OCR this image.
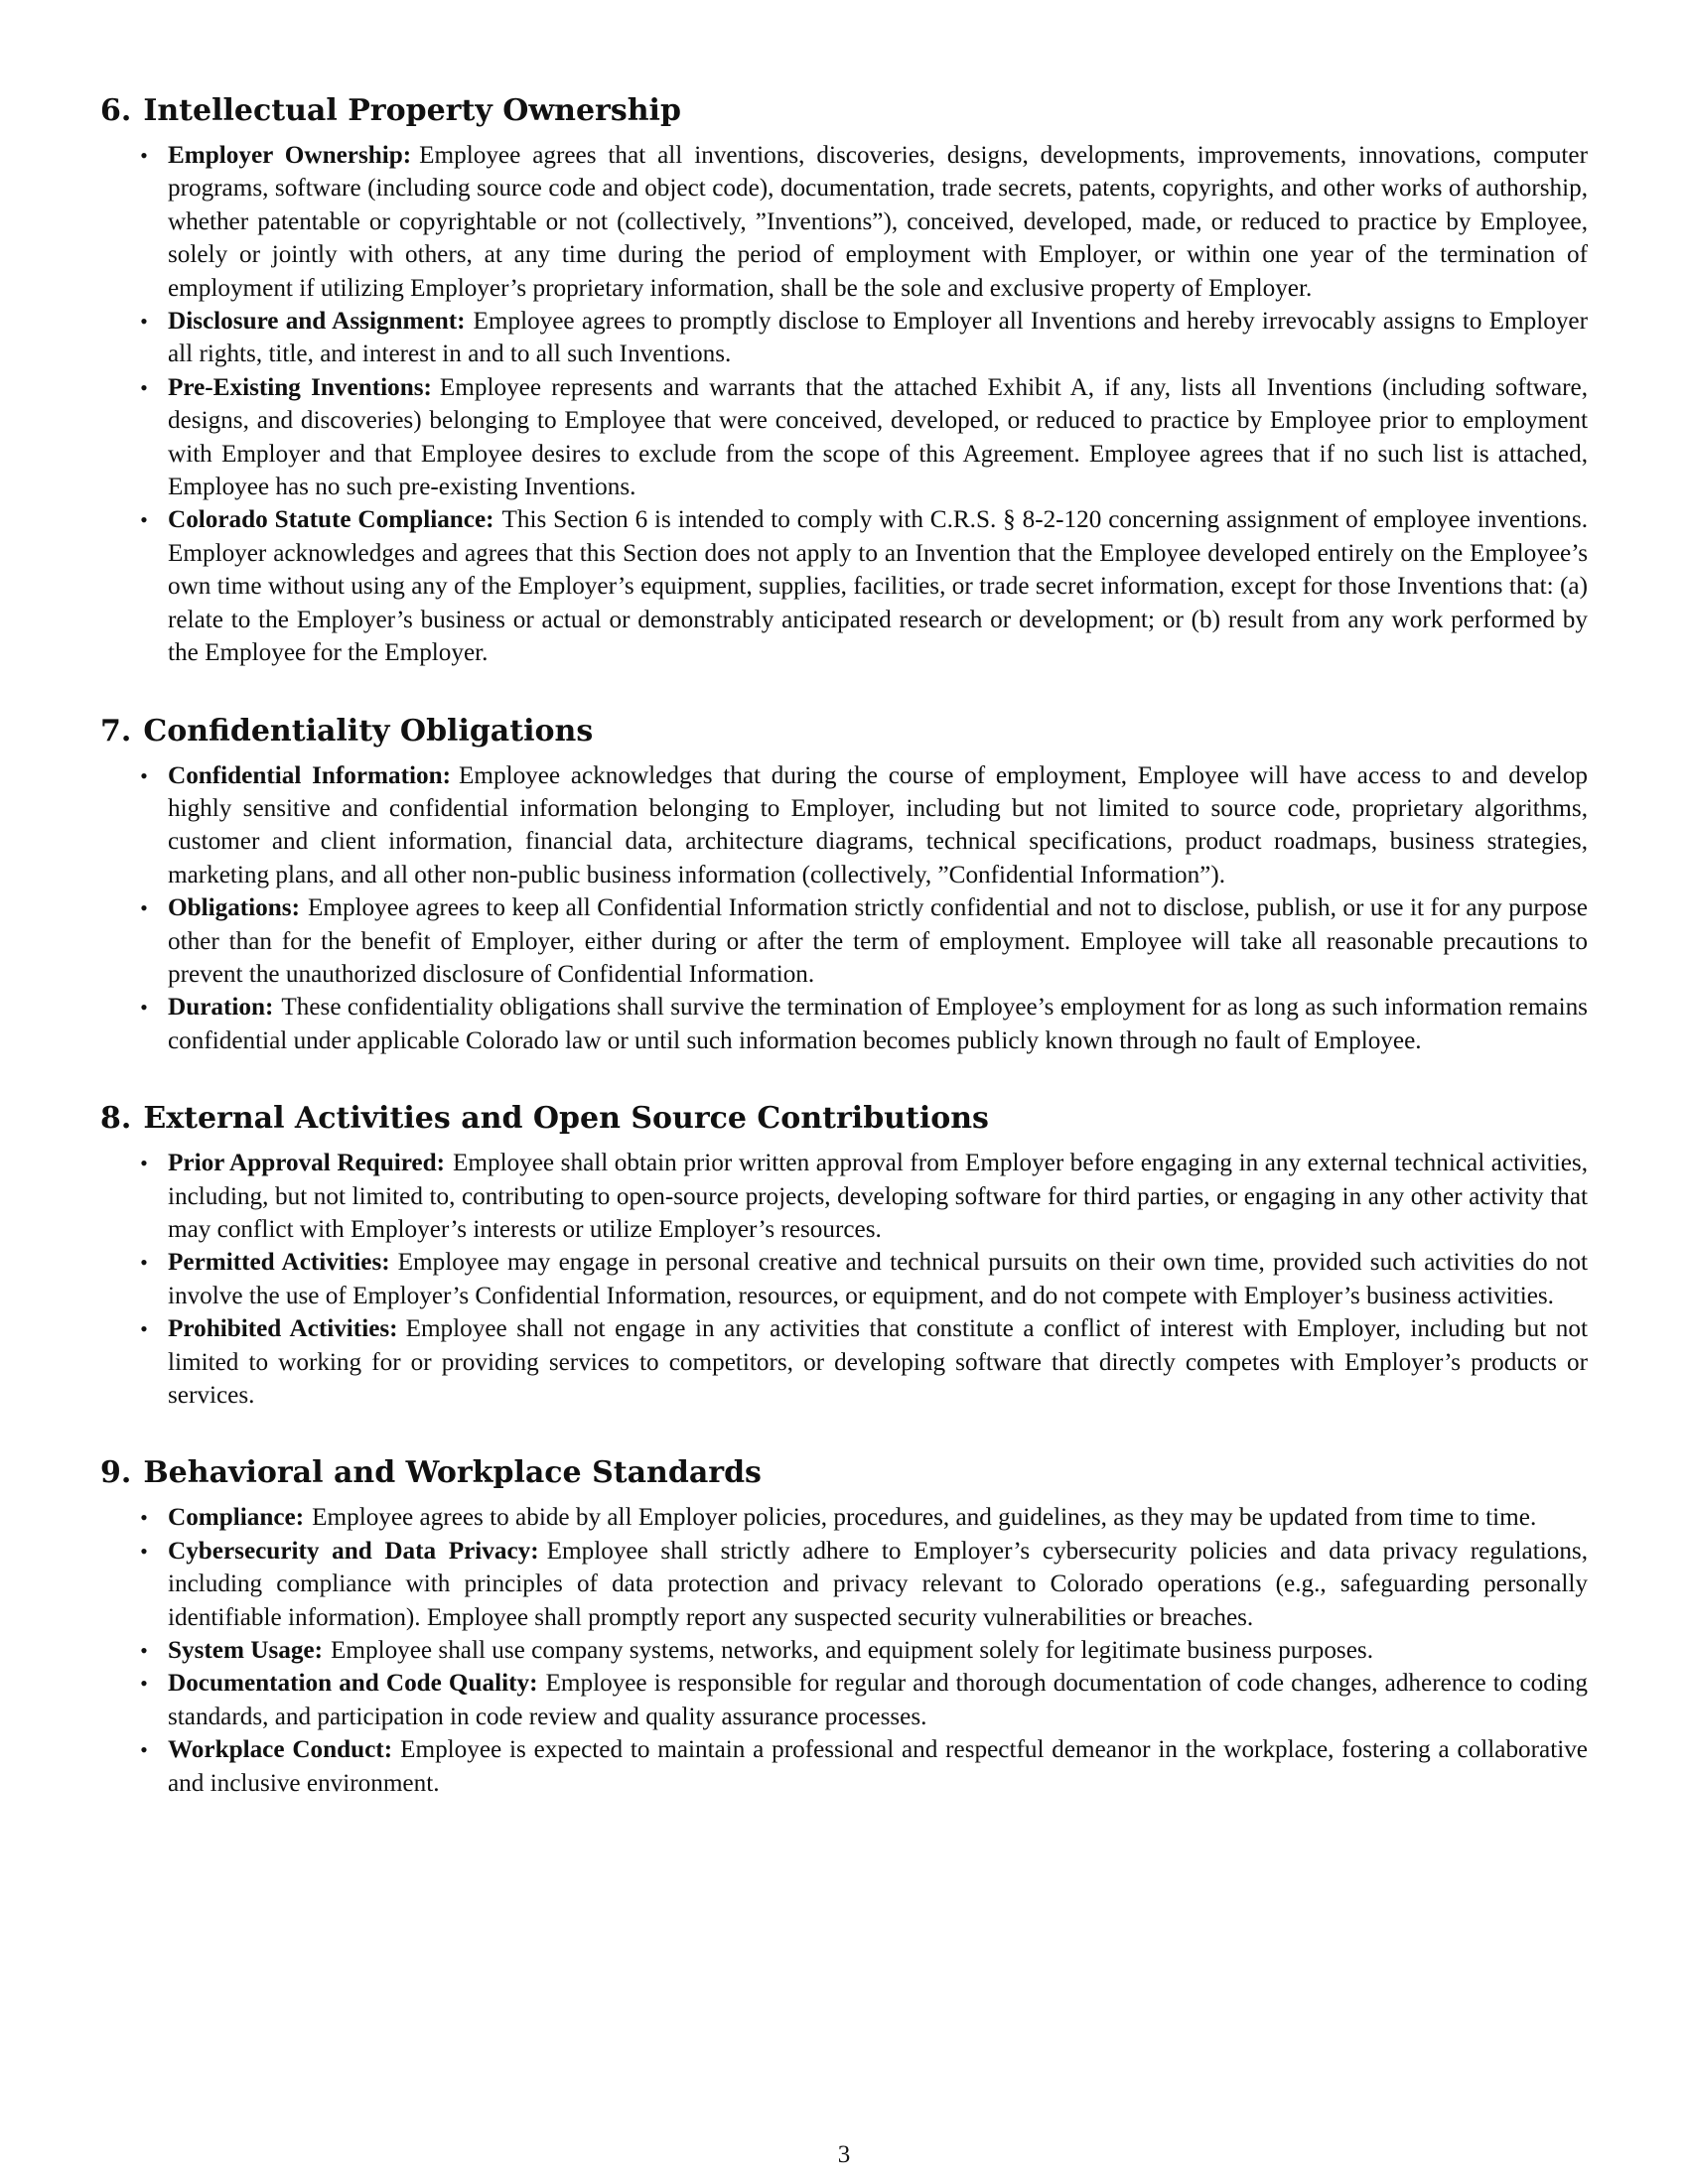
6. Intellectual Property Ownership
• Employer Ownership: Employee agrees that all inventions, discoveries, designs, developments, improvements, innovations, computer programs, software (including source code and object code), documentation, trade secrets, patents, copyrights, and other works of authorship, whether patentable or copyrightable or not (collectively, ”Inventions”), conceived, developed, made, or reduced to practice by Employee, solely or jointly with others, at any time during the period of employment with Employer, or within one year of the termination of employment if utilizing Employer’s proprietary information, shall be the sole and exclusive property of Employer.
• Disclosure and Assignment: Employee agrees to promptly disclose to Employer all Inventions and hereby irrevocably assigns to Employer all rights, title, and interest in and to all such Inventions.
• Pre-Existing Inventions: Employee represents and warrants that the attached Exhibit A, if any, lists all Inventions (including software, designs, and discoveries) belonging to Employee that were conceived, developed, or reduced to practice by Employee prior to employment with Employer and that Employee desires to exclude from the scope of this Agreement. Employee agrees that if no such list is attached, Employee has no such pre-existing Inventions.
• Colorado Statute Compliance: This Section 6 is intended to comply with C.R.S. § 8-2-120 concerning assignment of employee inventions. Employer acknowledges and agrees that this Section does not apply to an Invention that the Employee developed entirely on the Employee’s own time without using any of the Employer’s equipment, supplies, facilities, or trade secret information, except for those Inventions that: (a) relate to the Employer’s business or actual or demonstrably anticipated research or development; or (b) result from any work performed by the Employee for the Employer.
7. Confidentiality Obligations
• Confidential Information: Employee acknowledges that during the course of employment, Employee will have access to and develop highly sensitive and confidential information belonging to Employer, including but not limited to source code, proprietary algorithms, customer and client information, financial data, architecture diagrams, technical specifications, product roadmaps, business strategies, marketing plans, and all other non-public business information (collectively, ”Confidential Information”).
• Obligations: Employee agrees to keep all Confidential Information strictly confidential and not to disclose, publish, or use it for any purpose other than for the benefit of Employer, either during or after the term of employment. Employee will take all reasonable precautions to prevent the unauthorized disclosure of Confidential Information.
• Duration: These confidentiality obligations shall survive the termination of Employee’s employment for as long as such information remains confidential under applicable Colorado law or until such information becomes publicly known through no fault of Employee.
8. External Activities and Open Source Contributions
• Prior Approval Required: Employee shall obtain prior written approval from Employer before engaging in any external technical activities, including, but not limited to, contributing to open-source projects, developing software for third parties, or engaging in any other activity that may conflict with Employer’s interests or utilize Employer’s resources.
• Permitted Activities: Employee may engage in personal creative and technical pursuits on their own time, provided such activities do not involve the use of Employer’s Confidential Information, resources, or equipment, and do not compete with Employer’s business activities.
• Prohibited Activities: Employee shall not engage in any activities that constitute a conflict of interest with Employer, including but not limited to working for or providing services to competitors, or developing software that directly competes with Employer’s products or services.
9. Behavioral and Workplace Standards
• Compliance: Employee agrees to abide by all Employer policies, procedures, and guidelines, as they may be updated from time to time.
• Cybersecurity and Data Privacy: Employee shall strictly adhere to Employer’s cybersecurity policies and data privacy regulations, including compliance with principles of data protection and privacy relevant to Colorado operations (e.g., safeguarding personally identifiable information). Employee shall promptly report any suspected security vulnerabilities or breaches.
• System Usage: Employee shall use company systems, networks, and equipment solely for legitimate business purposes.
• Documentation and Code Quality: Employee is responsible for regular and thorough documentation of code changes, adherence to coding standards, and participation in code review and quality assurance processes.
• Workplace Conduct: Employee is expected to maintain a professional and respectful demeanor in the workplace, fostering a collaborative and inclusive environment.
3
